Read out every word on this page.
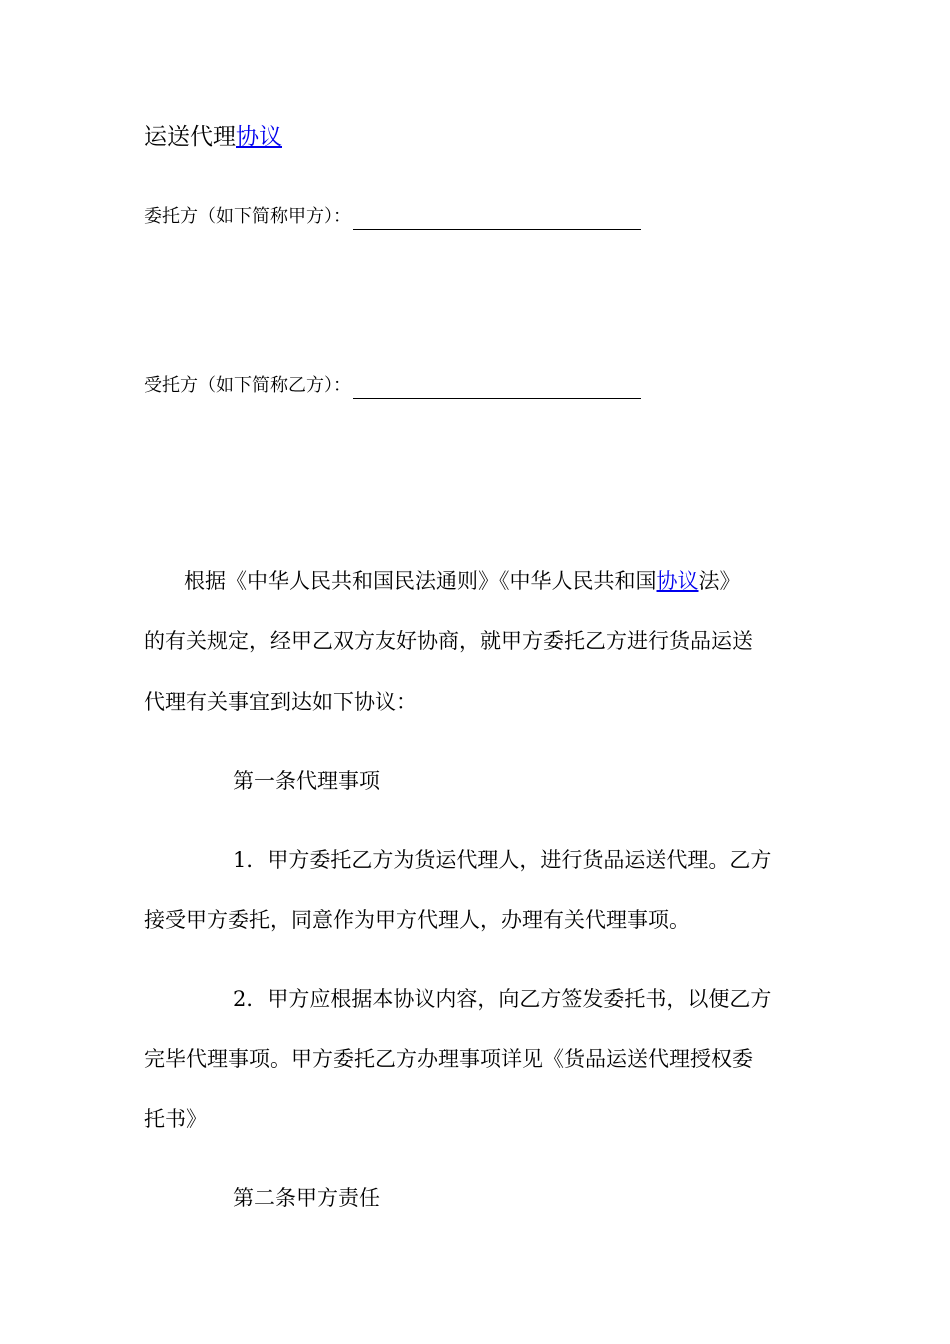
运送代理协议
委托方（如下简称甲方）：
受托方（如下简称乙方）：
根据《中华人民共和国民法通则》《中华人民共和国协议法》
的有关规定，经甲乙双方友好协商，就甲方委托乙方进行货品运送
代理有关事宜到达如下协议：
第一条代理事项
1．甲方委托乙方为货运代理人，进行货品运送代理。乙方
接受甲方委托，同意作为甲方代理人，办理有关代理事项。
2．甲方应根据本协议内容，向乙方签发委托书，以便乙方
完毕代理事项。甲方委托乙方办理事项详见《货品运送代理授权委
托书》
第二条甲方责任
